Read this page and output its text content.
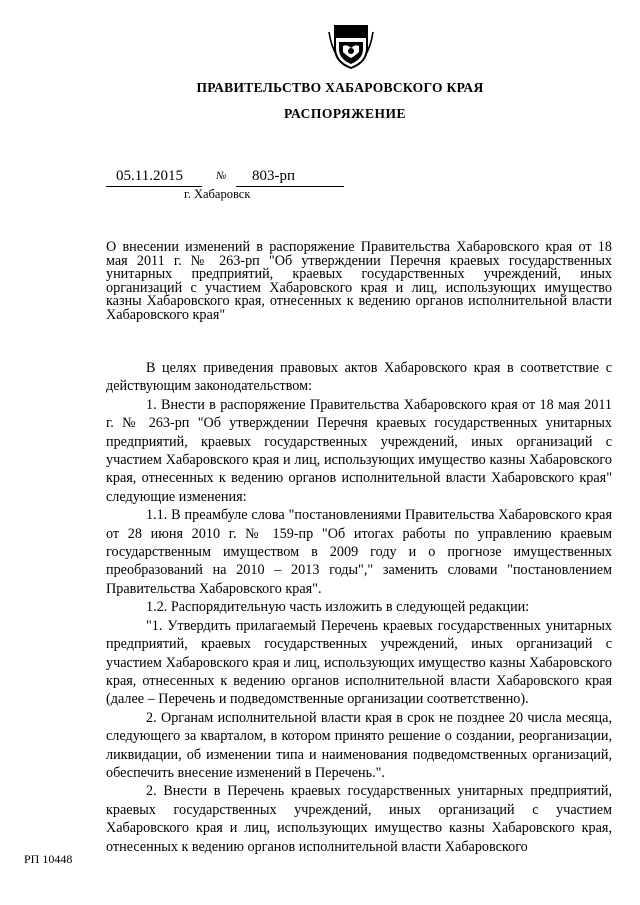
ПРАВИТЕЛЬСТВО ХАБАРОВСКОГО КРАЯ
РАСПОРЯЖЕНИЕ
05.11.2015	№	803-рп
г. Хабаровск
О внесении изменений в распоряжение Правительства Хабаровского края от 18 мая 2011 г. № 263-рп "Об утверждении Перечня краевых государственных унитарных предприятий, краевых государственных учреждений, иных организаций с участием Хабаровского края и лиц, использующих имущество казны Хабаровского края, отнесенных к ведению органов исполнительной власти Хабаровского края"

В целях приведения правовых актов Хабаровского края в соответствие с действующим законодательством:

1. Внести в распоряжение Правительства Хабаровского края от 18 мая 2011 г. № 263-рп "Об утверждении Перечня краевых государственных унитарных предприятий, краевых государственных учреждений, иных организаций с участием Хабаровского края и лиц, использующих имущество казны Хабаровского края, отнесенных к ведению органов исполнительной власти Хабаровского края" следующие изменения:

1.1. В преамбуле слова "постановлениями Правительства Хабаровского края от 28 июня 2010 г. № 159-пр "Об итогах работы по управлению краевым государственным имуществом в 2009 году и о прогнозе имущественных преобразований на 2010 – 2013 годы"," заменить словами "постановлением Правительства Хабаровского края".

1.2. Распорядительную часть изложить в следующей редакции:

"1. Утвердить прилагаемый Перечень краевых государственных унитарных предприятий, краевых государственных учреждений, иных организаций с участием Хабаровского края и лиц, использующих имущество казны Хабаровского края, отнесенных к ведению органов исполнительной власти Хабаровского края (далее – Перечень и подведомственные организации соответственно).

2. Органам исполнительной власти края в срок не позднее 20 числа месяца, следующего за кварталом, в котором принято решение о создании, реорганизации, ликвидации, об изменении типа и наименования подведомственных организаций, обеспечить внесение изменений в Перечень.".

2. Внести в Перечень краевых государственных унитарных предприятий, краевых государственных учреждений, иных организаций с участием Хабаровского края и лиц, использующих имущество казны Хабаровского края, отнесенных к ведению органов исполнительной власти Хабаровского

РП 10448
